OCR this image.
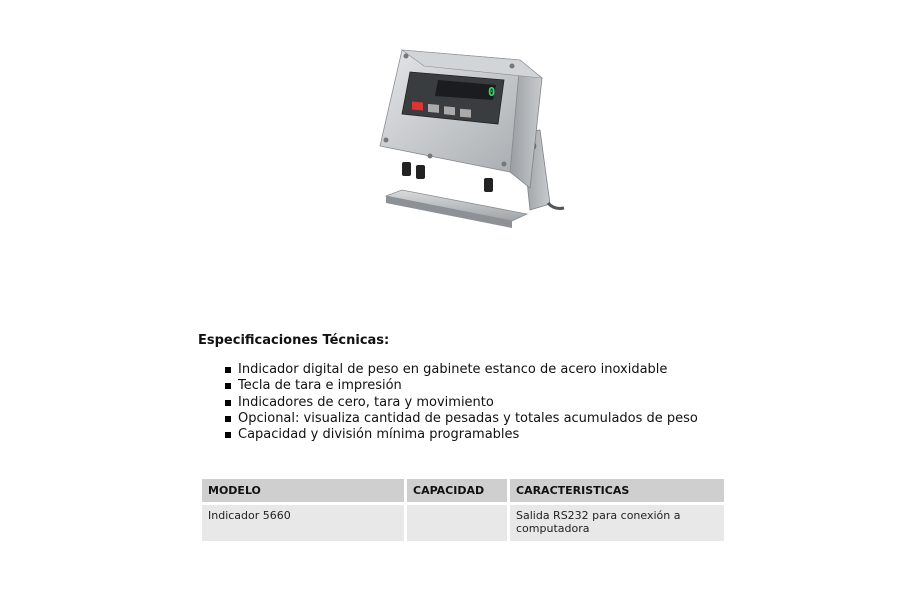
0
Especificaciones Técnicas:
Indicador digital de peso en gabinete estanco de acero inoxidable
Tecla de tara e impresión
Indicadores de cero, tara y movimiento
Opcional: visualiza cantidad de pesadas y totales acumulados de peso
Capacidad y división mínima programables
MODELO	CAPACIDAD	CARACTERISTICAS
Indicador 5660		Salida RS232 para conexión a computadora
